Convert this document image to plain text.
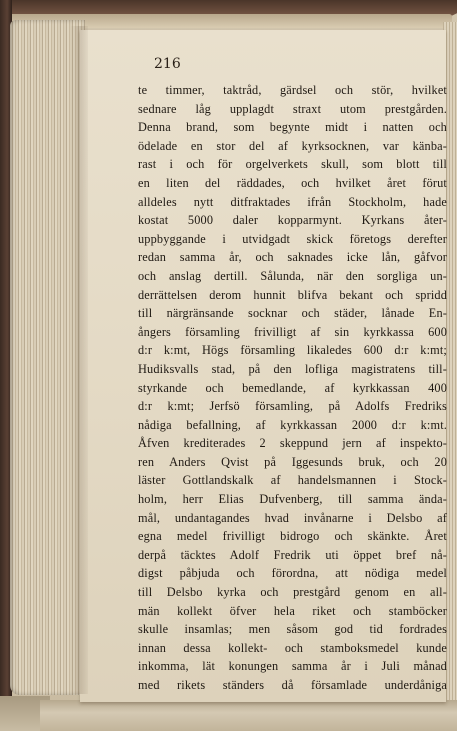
216

te timmer, taktråd, gärdsel och stör, hvilket
sednare låg upplagdt straxt utom prestgården.
Denna brand, som begynte midt i natten och
ödelade en stor del af kyrksocknen, var känba-
rast i och för orgelverkets skull, som blott till
en liten del räddades, och hvilket året förut
alldeles nytt ditfraktades ifrån Stockholm, hade
kostat 5000 daler kopparmynt. Kyrkans åter-
uppbyggande i utvidgadt skick företogs derefter
redan samma år, och saknades icke lån, gåfvor
och anslag dertill. Sålunda, när den sorgliga un-
derrättelsen derom hunnit blifva bekant och spridd
till närgränsande socknar och städer, lånade En-
ångers församling frivilligt af sin kyrkkassa 600
d:r k:mt, Högs församling likaledes 600 d:r k:mt;
Hudiksvalls stad, på den lofliga magistratens till-
styrkande och bemedlande, af kyrkkassan 400
d:r k:mt; Jerfsö församling, på Adolfs Fredriks
nådiga befallning, af kyrkkassan 2000 d:r k:mt.
Åfven krediterades 2 skeppund jern af inspekto-
ren Anders Qvist på Iggesunds bruk, och 20
läster Gottlandskalk af handelsmannen i Stock-
holm, herr Elias Dufvenberg, till samma ända-
mål, undantagandes hvad invånarne i Delsbo af
egna medel frivilligt bidrogo och skänkte. Året
derpå täcktes Adolf Fredrik uti öppet bref nå-
digst påbjuda och förordna, att nödiga medel
till Delsbo kyrka och prestgård genom en all-
män kollekt öfver hela riket och stamböcker
skulle insamlas; men såsom god tid fordrades
innan dessa kollekt- och stamboksmedel kunde
inkomma, lät konungen samma år i Juli månad
med rikets ständers då församlade underdåniga
